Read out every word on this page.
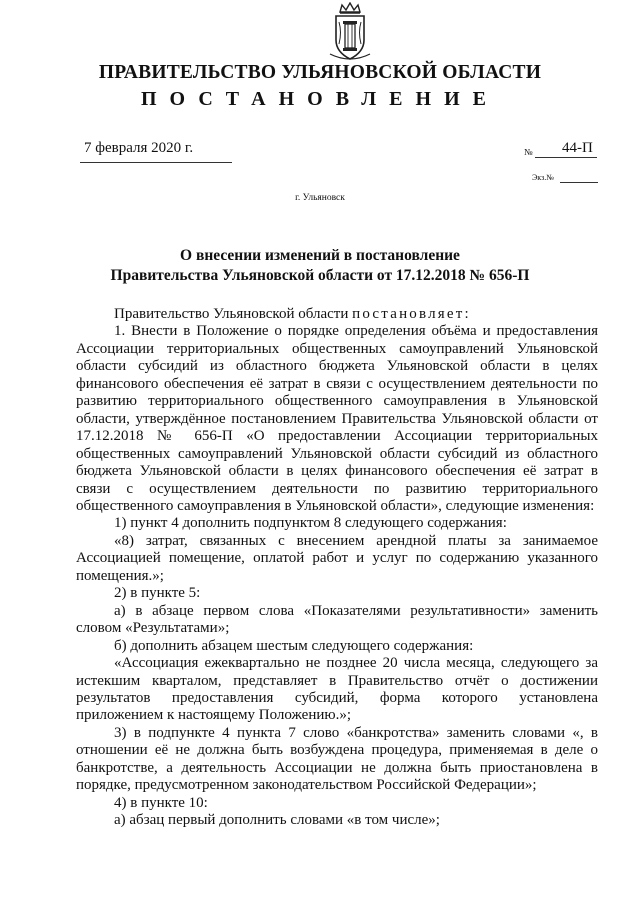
ПРАВИТЕЛЬСТВО УЛЬЯНОВСКОЙ ОБЛАСТИ
ПОСТАНОВЛЕНИЕ
7 февраля 2020 г.	№ 44-П
Экз.№
г. Ульяновск
О внесении изменений в постановление
Правительства Ульяновской области от 17.12.2018 № 656-П

Правительство Ульяновской области постановляет:

1. Внести в Положение о порядке определения объёма и предоставления Ассоциации территориальных общественных самоуправлений Ульяновской области субсидий из областного бюджета Ульяновской области в целях финансового обеспечения её затрат в связи с осуществлением деятельности по развитию территориального общественного самоуправления в Ульяновской области, утверждённое постановлением Правительства Ульяновской области от 17.12.2018 № 656-П «О предоставлении Ассоциации территориальных общественных самоуправлений Ульяновской области субсидий из областного бюджета Ульяновской области в целях финансового обеспечения её затрат в связи с осуществлением деятельности по развитию территориального общественного самоуправления в Ульяновской области», следующие изменения:

1) пункт 4 дополнить подпунктом 8 следующего содержания:

«8) затрат, связанных с внесением арендной платы за занимаемое Ассоциацией помещение, оплатой работ и услуг по содержанию указанного помещения.»;

2) в пункте 5:

а) в абзаце первом слова «Показателями результативности» заменить словом «Результатами»;

б) дополнить абзацем шестым следующего содержания:

«Ассоциация ежеквартально не позднее 20 числа месяца, следующего за истекшим кварталом, представляет в Правительство отчёт о достижении результатов предоставления субсидий, форма которого установлена приложением к настоящему Положению.»;

3) в подпункте 4 пункта 7 слово «банкротства» заменить словами «, в отношении её не должна быть возбуждена процедура, применяемая в деле о банкротстве, а деятельность Ассоциации не должна быть приостановлена в порядке, предусмотренном законодательством Российской Федерации»;

4) в пункте 10:

а) абзац первый дополнить словами «в том числе»;
